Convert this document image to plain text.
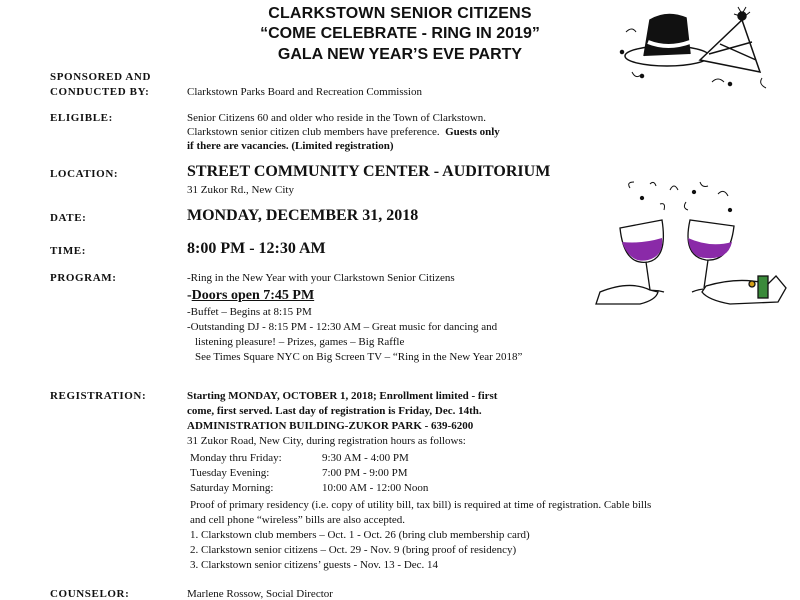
CLARKSTOWN SENIOR CITIZENS
“COME CELEBRATE - RING IN 2019”
GALA NEW YEAR’S EVE PARTY
SPONSORED AND
CONDUCTED BY:	Clarkstown Parks Board and Recreation Commission
ELIGIBLE:	Senior Citizens 60 and older who reside in the Town of Clarkstown.
Clarkstown senior citizen club members have preference. Guests only
if there are vacancies. (Limited registration)
LOCATION:	STREET COMMUNITY CENTER - AUDITORIUM
31 Zukor Rd., New City
DATE:	MONDAY, DECEMBER 31, 2018
TIME:	8:00 PM - 12:30 AM
PROGRAM:	-Ring in the New Year with your Clarkstown Senior Citizens
-Doors open 7:45 PM
-Buffet – Begins at 8:15 PM
-Outstanding DJ - 8:15 PM - 12:30 AM – Great music for dancing and
listening pleasure! – Prizes, games – Big Raffle
See Times Square NYC on Big Screen TV – “Ring in the New Year 2018”
REGISTRATION:	Starting MONDAY, OCTOBER 1, 2018; Enrollment limited - first
come, first served. Last day of registration is Friday, Dec. 14th.
ADMINISTRATION BUILDING-ZUKOR PARK - 639-6200
31 Zukor Road, New City, during registration hours as follows:
Monday thru Friday:	9:30 AM - 4:00 PM
Tuesday Evening:	7:00 PM - 9:00 PM
Saturday Morning:	10:00 AM - 12:00 Noon
Proof of primary residency (i.e. copy of utility bill, tax bill) is required at time of registration. Cable bills
and cell phone “wireless” bills are also accepted.
1. Clarkstown club members – Oct. 1 - Oct. 26 (bring club membership card)
2. Clarkstown senior citizens – Oct. 29 - Nov. 9 (bring proof of residency)
3. Clarkstown senior citizens’ guests - Nov. 13 - Dec. 14
COUNSELOR:	Marlene Rossow, Social Director
